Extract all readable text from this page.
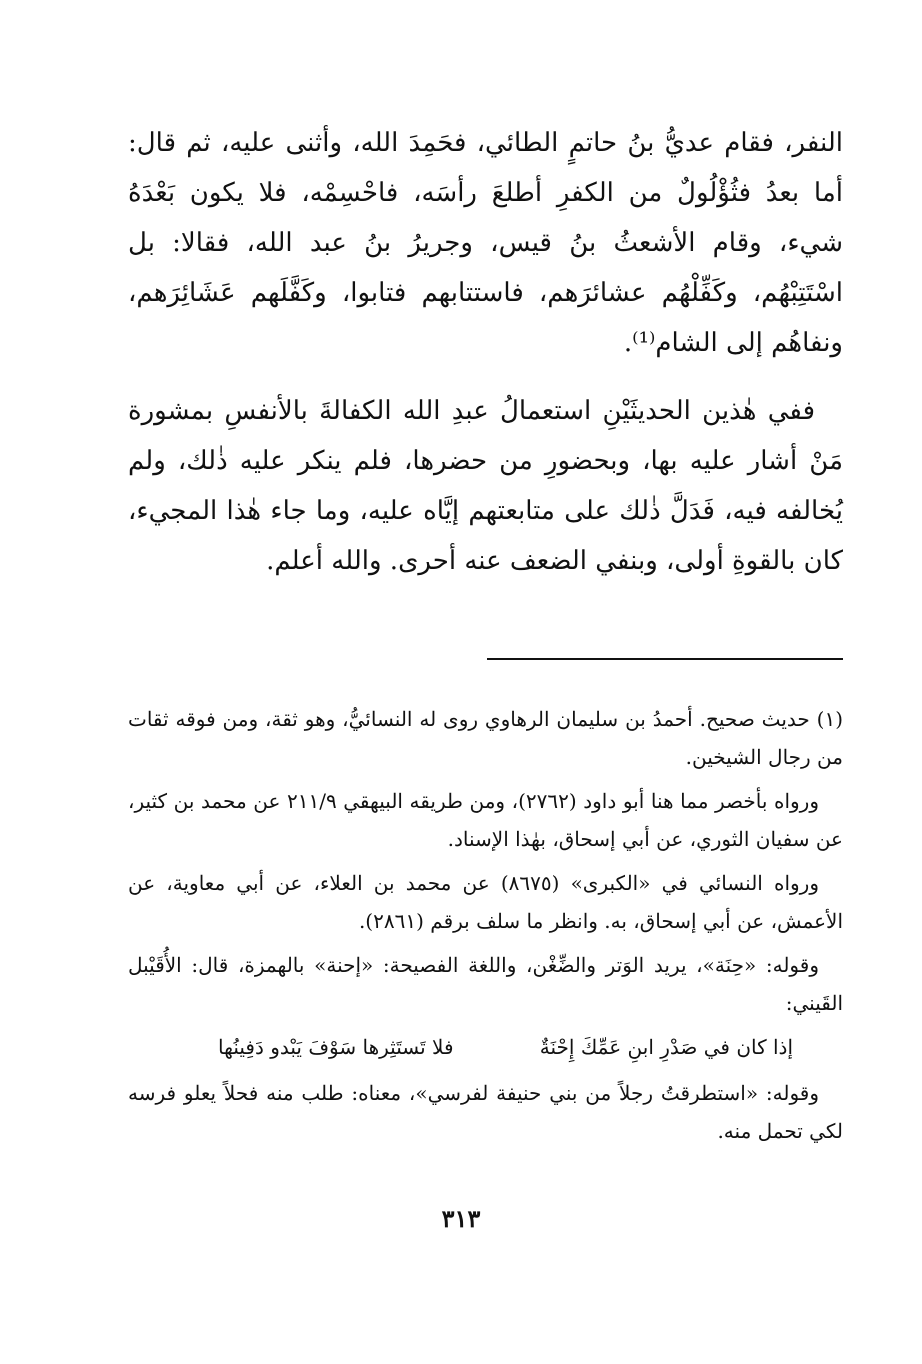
النفر، فقام عديُّ بنُ حاتمٍ الطائي، فحَمِدَ الله، وأثنى عليه، ثم قال: أما بعدُ فثُؤْلُولٌ من الكفرِ أطلعَ رأسَه، فاحْسِمْه، فلا يكون بَعْدَهُ شيء، وقام الأشعثُ بنُ قيس، وجريرُ بنُ عبد الله، فقالا: بل اسْتَتِبْهُم، وكَفِّلْهُم عشائرَهم، فاستتابهم فتابوا، وكَفَّلَهم عَشَائِرَهم، ونفاهُم إلى الشام⁽¹⁾.

ففي هٰذين الحديثَيْنِ استعمالُ عبدِ الله الكفالةَ بالأنفسِ بمشورة مَنْ أشار عليه بها، وبحضورِ من حضرها، فلم ينكر عليه ذٰلك، ولم يُخالفه فيه، فَدَلَّ ذٰلك على متابعتهم إيَّاه عليه، وما جاء هٰذا المجيء، كان بالقوةِ أولى، وبنفي الضعف عنه أحرى. والله أعلم.

(١) حديث صحيح. أحمدُ بن سليمان الرهاوي روى له النسائيُّ، وهو ثقة، ومن فوقه ثقات من رجال الشيخين.

ورواه بأخصر مما هنا أبو داود (٢٧٦٢)، ومن طريقه البيهقي ٢١١/٩ عن محمد بن كثير، عن سفيان الثوري، عن أبي إسحاق، بهٰذا الإسناد.

ورواه النسائي في «الكبرى» (٨٦٧٥) عن محمد بن العلاء، عن أبي معاوية، عن الأعمش، عن أبي إسحاق، به. وانظر ما سلف برقم (٢٨٦١).

وقوله: «حِنَة»، يريد الوَتر والضِّغْن، واللغة الفصيحة: «إحنة» بالهمزة، قال: الأُقَيْبل القَيني:

إذا كان في صَدْرِ ابنِ عَمِّكَ إِحْنَةٌ
فلا تَستَثِرها سَوْفَ يَبْدو دَفِينُها

وقوله: «استطرقتُ رجلاً من بني حنيفة لفرسي»، معناه: طلب منه فحلاً يعلو فرسه لكي تحمل منه.

٣١٣
